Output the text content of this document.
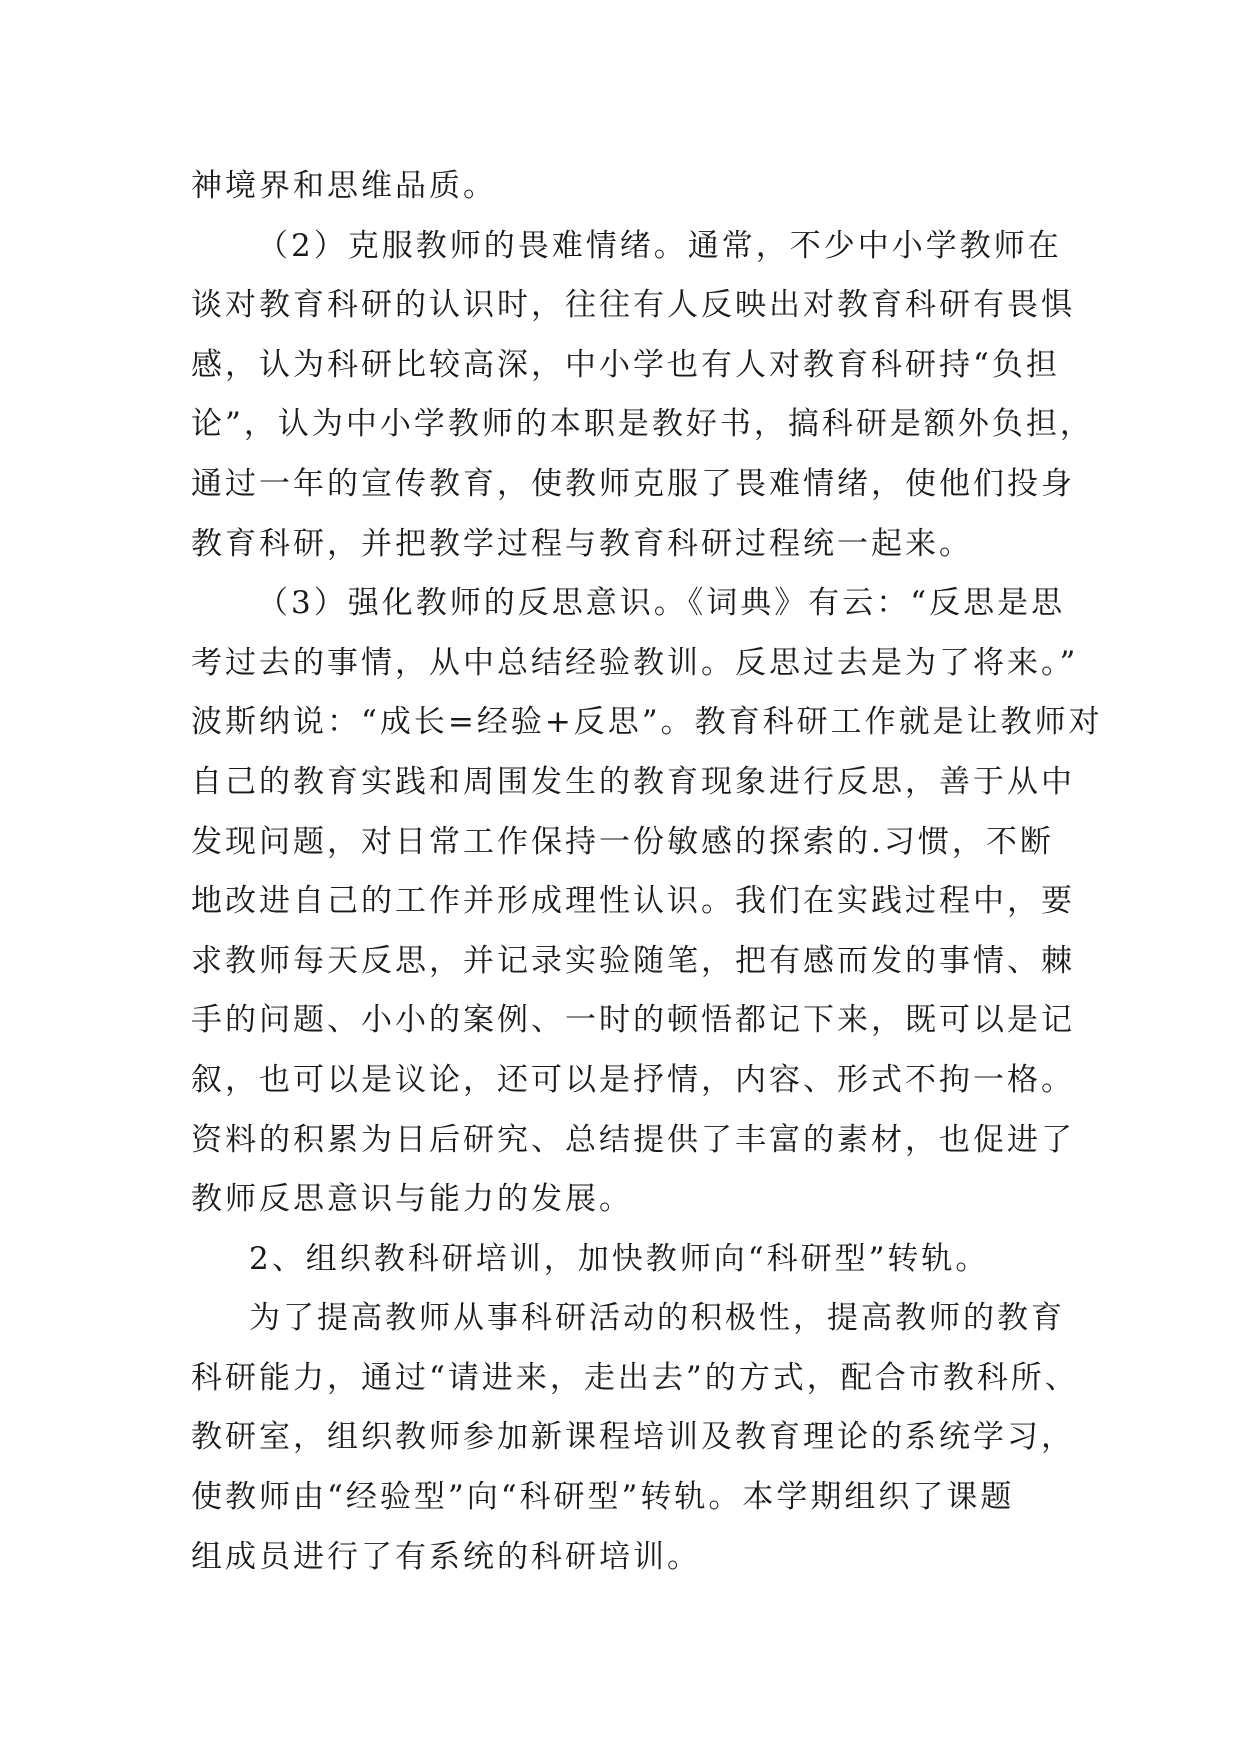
神境界和思维品质。
（2）克服教师的畏难情绪。通常，不少中小学教师在
谈对教育科研的认识时，往往有人反映出对教育科研有畏惧
感，认为科研比较高深，中小学也有人对教育科研持“负担
论”，认为中小学教师的本职是教好书，搞科研是额外负担，
通过一年的宣传教育，使教师克服了畏难情绪，使他们投身
教育科研，并把教学过程与教育科研过程统一起来。
（3）强化教师的反思意识。《词典》有云：“反思是思
考过去的事情，从中总结经验教训。反思过去是为了将来。”
波斯纳说：“成长=经验+反思”。教育科研工作就是让教师对
自己的教育实践和周围发生的教育现象进行反思，善于从中
发现问题，对日常工作保持一份敏感的探索的.习惯，不断
地改进自己的工作并形成理性认识。我们在实践过程中，要
求教师每天反思，并记录实验随笔，把有感而发的事情、棘
手的问题、小小的案例、一时的顿悟都记下来，既可以是记
叙，也可以是议论，还可以是抒情，内容、形式不拘一格。
资料的积累为日后研究、总结提供了丰富的素材，也促进了
教师反思意识与能力的发展。
2、组织教科研培训，加快教师向“科研型”转轨。
为了提高教师从事科研活动的积极性，提高教师的教育
科研能力，通过“请进来，走出去”的方式，配合市教科所、
教研室，组织教师参加新课程培训及教育理论的系统学习，
使教师由“经验型”向“科研型”转轨。本学期组织了课题
组成员进行了有系统的科研培训。
